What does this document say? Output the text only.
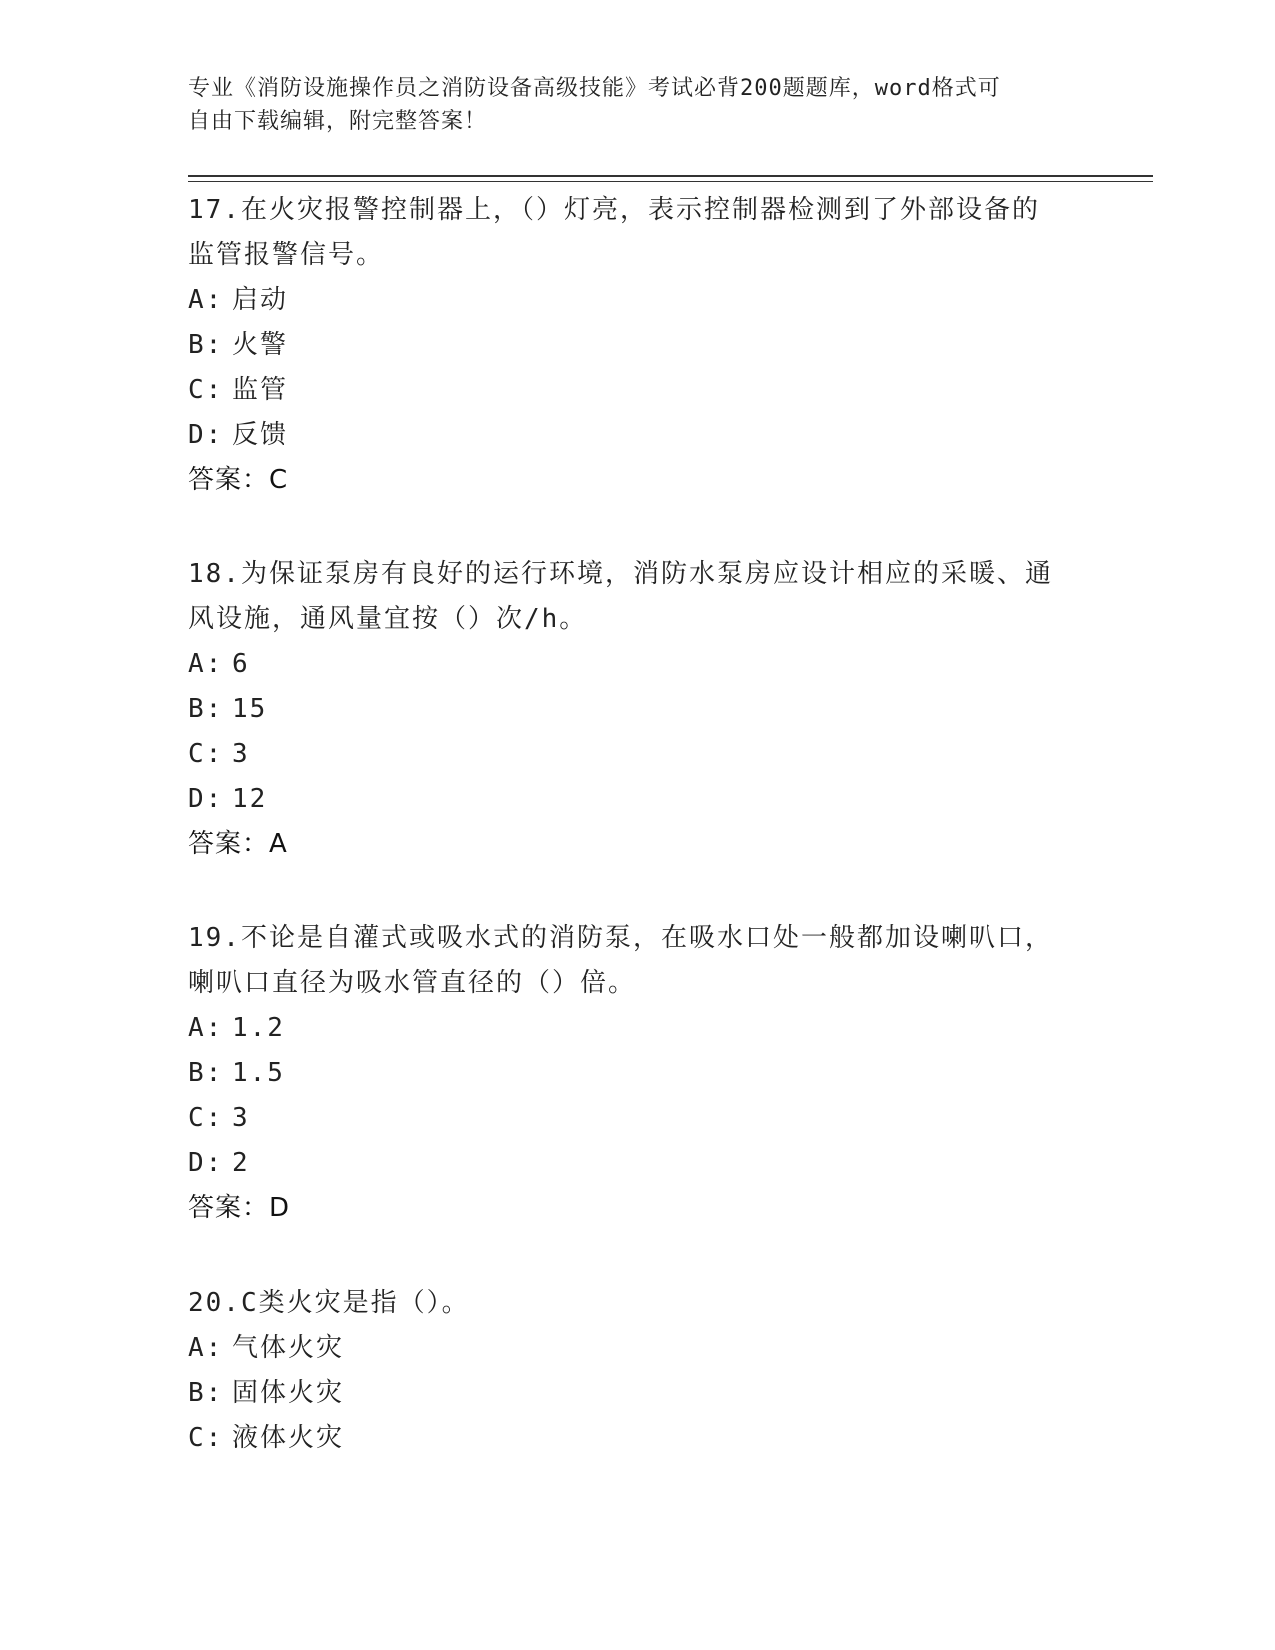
专业《消防设施操作员之消防设备高级技能》考试必背200题题库，word格式可
自由下载编辑，附完整答案！

17.在火灾报警控制器上，（）灯亮，表示控制器检测到了外部设备的

监管报警信号。

A: 启动

B: 火警

C: 监管

D: 反馈

答案：C

18.为保证泵房有良好的运行环境，消防水泵房应设计相应的采暖、通

风设施，通风量宜按（）次/h。

A: 6

B: 15

C: 3

D: 12

答案：A

19.不论是自灌式或吸水式的消防泵，在吸水口处一般都加设喇叭口，

喇叭口直径为吸水管直径的（）倍。

A: 1.2

B: 1.5

C: 3

D: 2

答案：D

20.C类火灾是指（）。

A: 气体火灾

B: 固体火灾

C: 液体火灾
